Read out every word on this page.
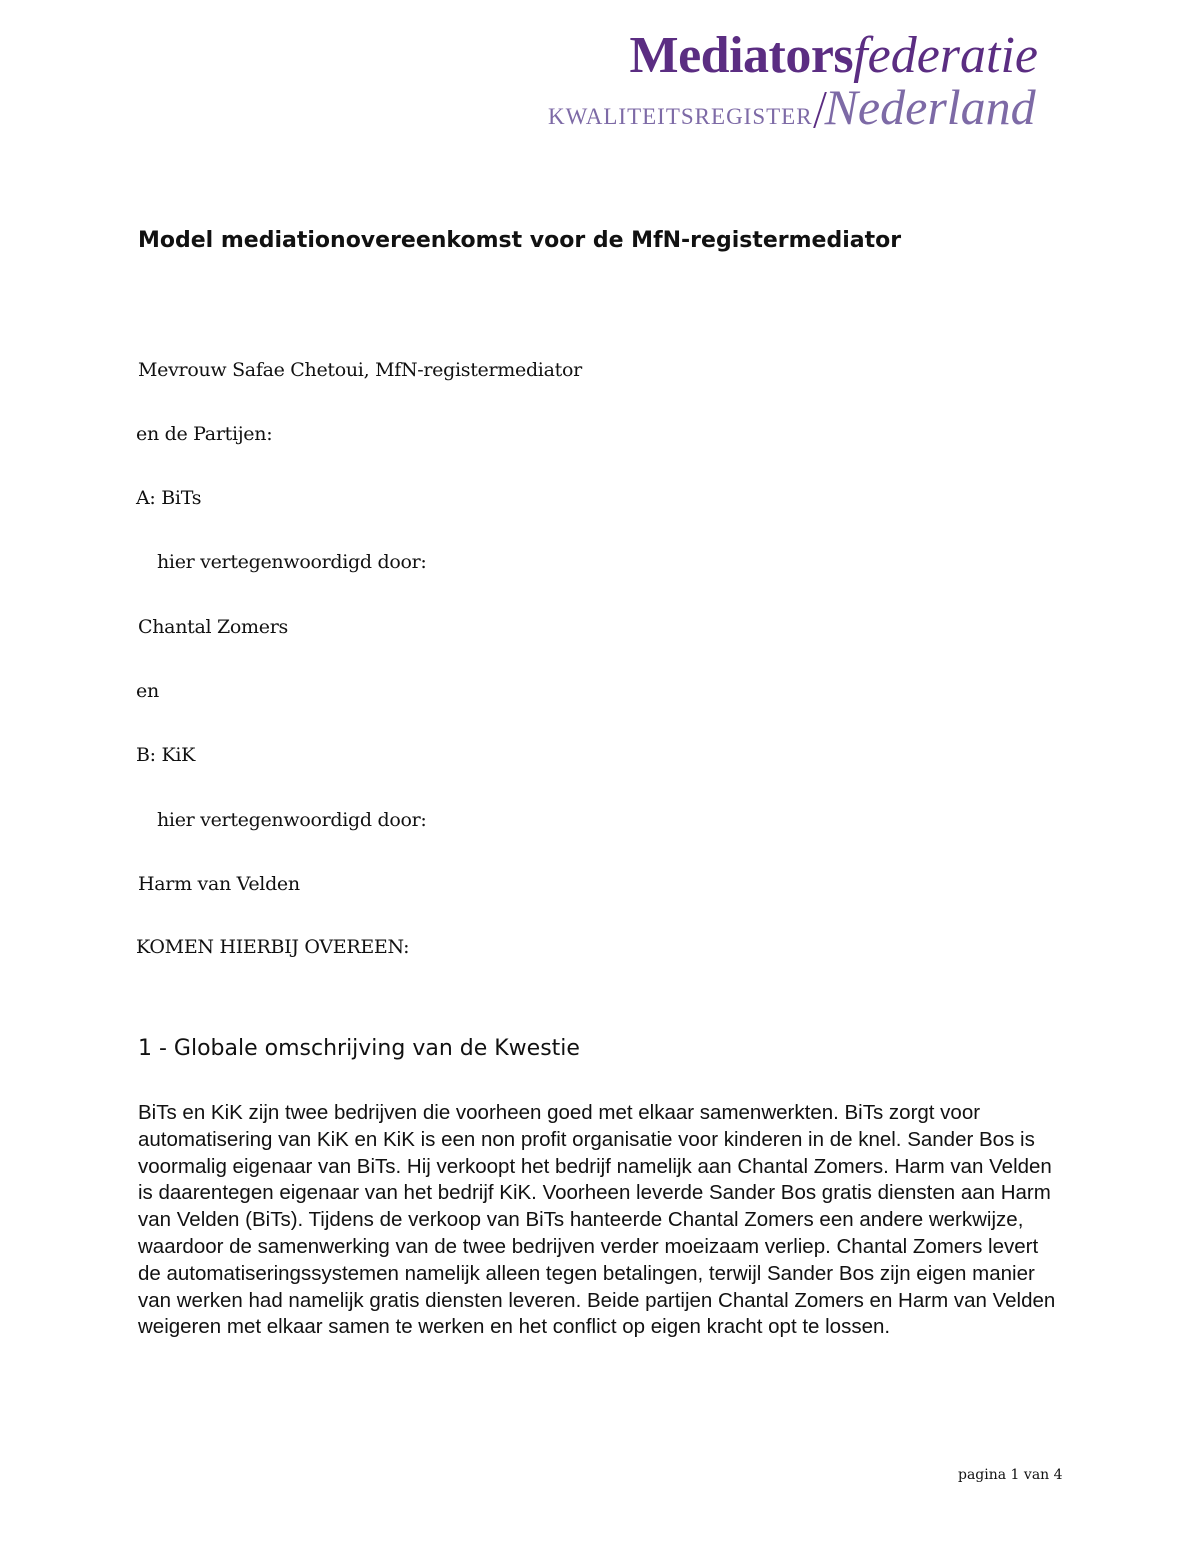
Mediatorsfederatie
KWALITEITSREGISTER Nederland
Model mediationovereenkomst voor de MfN-registermediator

Mevrouw Safae Chetoui, MfN-registermediator

en de Partijen:

A: BiTs

hier vertegenwoordigd door:

Chantal Zomers

en

B: KiK

hier vertegenwoordigd door:

Harm van Velden

KOMEN HIERBIJ OVEREEN:

1 - Globale omschrijving van de Kwestie

BiTs en KiK zijn twee bedrijven die voorheen goed met elkaar samenwerkten. BiTs zorgt voor automatisering van KiK en KiK is een non profit organisatie voor kinderen in de knel. Sander Bos is voormalig eigenaar van BiTs. Hij verkoopt het bedrijf namelijk aan Chantal Zomers. Harm van Velden is daarentegen eigenaar van het bedrijf KiK. Voorheen leverde Sander Bos gratis diensten aan Harm van Velden (BiTs). Tijdens de verkoop van BiTs hanteerde Chantal Zomers een andere werkwijze, waardoor de samenwerking van de twee bedrijven verder moeizaam verliep. Chantal Zomers levert de automatiseringssystemen namelijk alleen tegen betalingen, terwijl Sander Bos zijn eigen manier van werken had namelijk gratis diensten leveren. Beide partijen Chantal Zomers en Harm van Velden weigeren met elkaar samen te werken en het conflict op eigen kracht opt te lossen.

pagina 1 van 4
